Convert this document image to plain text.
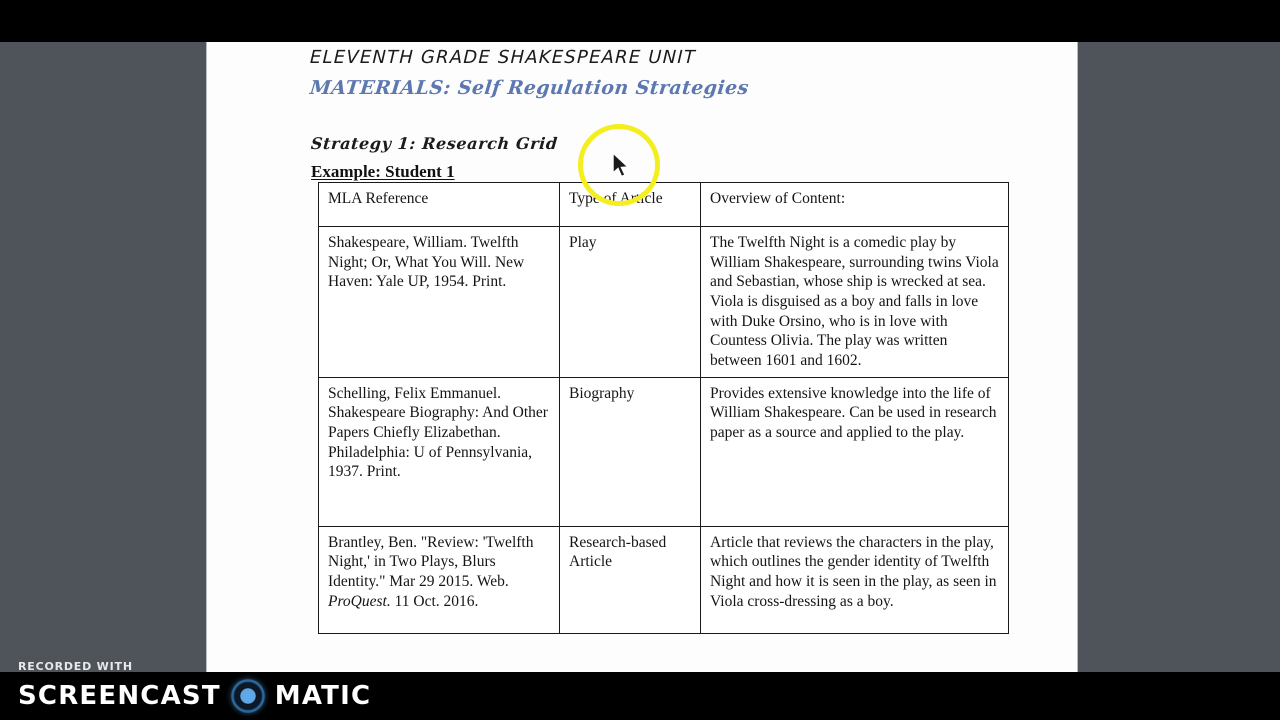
ELEVENTH GRADE SHAKESPEARE UNIT
MATERIALS: Self Regulation Strategies
Strategy 1: Research Grid
Example: Student 1
MLA Reference	Type of Article	Overview of Content:
Shakespeare, William. Twelfth Night; Or, What You Will. New Haven: Yale UP, 1954. Print.	Play	The Twelfth Night is a comedic play by William Shakespeare, surrounding twins Viola and Sebastian, whose ship is wrecked at sea. Viola is disguised as a boy and falls in love with Duke Orsino, who is in love with Countess Olivia. The play was written between 1601 and 1602.
Schelling, Felix Emmanuel. Shakespeare Biography: And Other Papers Chiefly Elizabethan. Philadelphia: U of Pennsylvania, 1937. Print.	Biography	Provides extensive knowledge into the life of William Shakespeare. Can be used in research paper as a source and applied to the play.
Brantley, Ben. "Review: 'Twelfth Night,' in Two Plays, Blurs Identity." Mar 29 2015. Web. ProQuest. 11 Oct. 2016.	Research-based Article	Article that reviews the characters in the play, which outlines the gender identity of Twelfth Night and how it is seen in the play, as seen in Viola cross-dressing as a boy.
RECORDED WITH
SCREENCAST MATIC
